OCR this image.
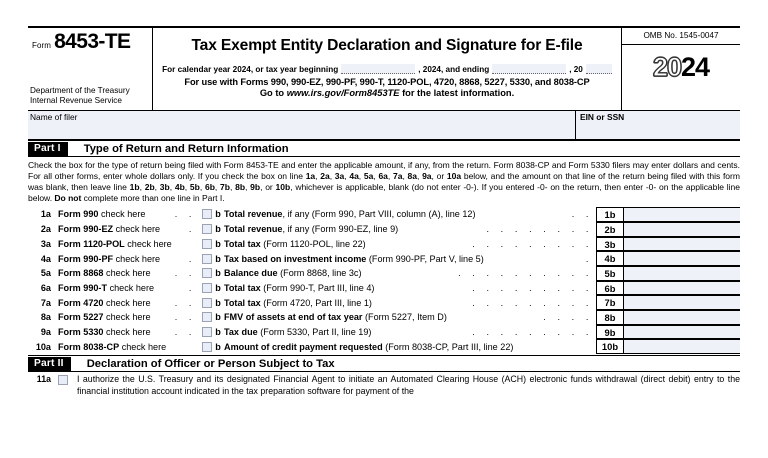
Form 8453-TE
Department of the Treasury
Internal Revenue Service
Tax Exempt Entity Declaration and Signature for E-file
For calendar year 2024, or tax year beginning	, 2024, and ending	, 20
For use with Forms 990, 990-EZ, 990-PF, 990-T, 1120-POL, 4720, 8868, 5227, 5330, and 8038-CP
Go to www.irs.gov/Form8453TE for the latest information.
OMB No. 1545-0047
2024
Name of filer	EIN or SSN
Part I	Type of Return and Return Information
Check the box for the type of return being filed with Form 8453-TE and enter the applicable amount, if any, from the return. Form 8038-CP and Form 5330 filers may enter dollars and cents. For all other forms, enter whole dollars only. If you check the box on line 1a, 2a, 3a, 4a, 5a, 6a, 7a, 8a, 9a, or 10a below, and the amount on that line of the return being filed with this form was blank, then leave line 1b, 2b, 3b, 4b, 5b, 6b, 7b, 8b, 9b, or 10b, whichever is applicable, blank (do not enter -0-). If you entered -0- on the return, then enter -0- on the applicable line below. Do not complete more than one line in Part I.
1a Form 990 check here	. .	b Total revenue, if any (Form 990, Part VIII, column (A), line 12)	. .	1b
2a Form 990-EZ check here	.	b Total revenue, if any (Form 990-EZ, line 9)	. . . . . . . .	2b
3a Form 1120-POL check here	b Total tax (Form 1120-POL, line 22)	. . . . . . . . .	3b
4a Form 990-PF check here	.	b Tax based on investment income (Form 990-PF, Part V, line 5)	.	4b
5a Form 8868 check here	. .	b Balance due (Form 8868, line 3c)	. . . . . . . . . .	5b
6a Form 990-T check here	.	b Total tax (Form 990-T, Part III, line 4)	. . . . . . . . .	6b
7a Form 4720 check here	. .	b Total tax (Form 4720, Part III, line 1)	. . . . . . . . .	7b
8a Form 5227 check here	. .	b FMV of assets at end of tax year (Form 5227, Item D)	. . . .	8b
9a Form 5330 check here	. .	b Tax due (Form 5330, Part II, line 19)	. . . . . . . . .	9b
10a Form 8038-CP check here	b Amount of credit payment requested (Form 8038-CP, Part III, line 22)	10b
Part II	Declaration of Officer or Person Subject to Tax
11a	I authorize the U.S. Treasury and its designated Financial Agent to initiate an Automated Clearing House (ACH) electronic funds withdrawal (direct debit) entry to the financial institution account indicated in the tax preparation software for payment of the
